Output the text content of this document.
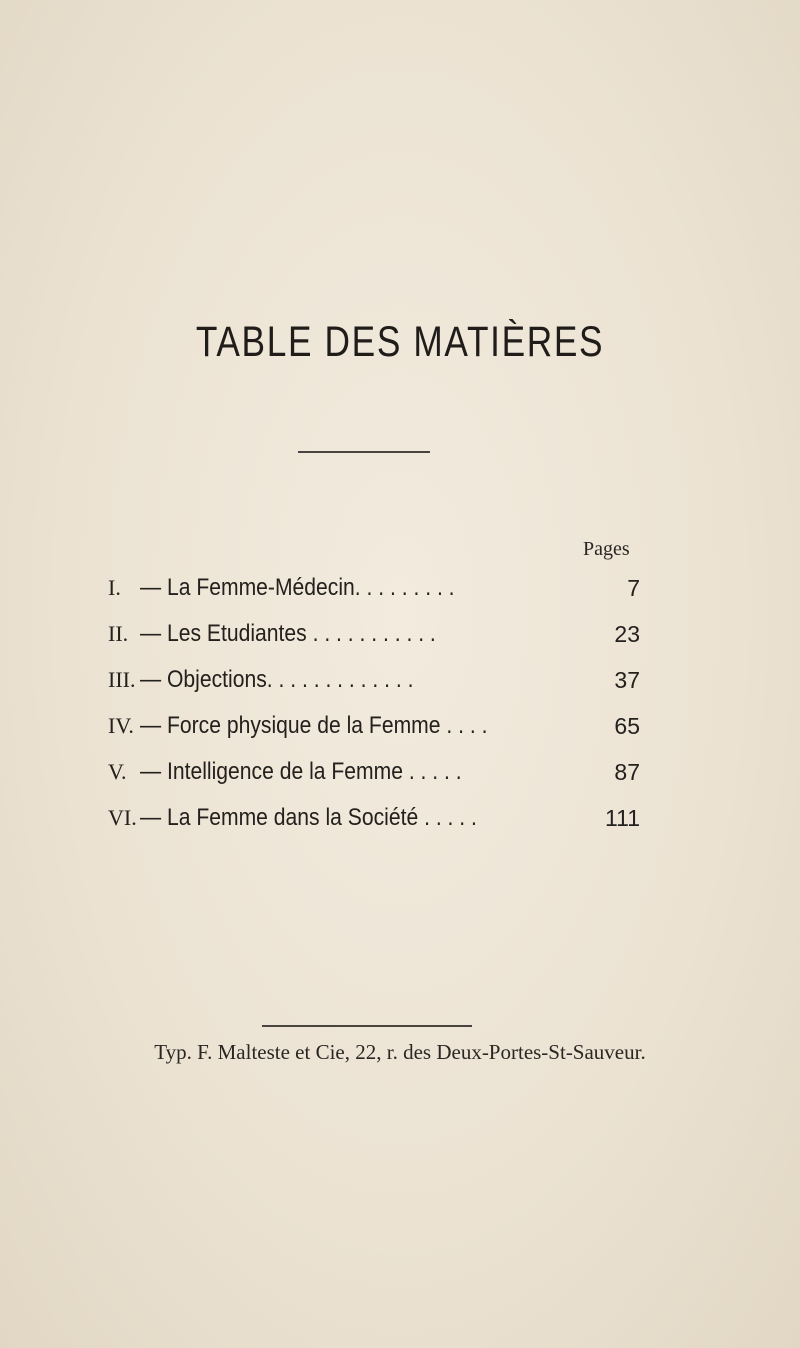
TABLE DES MATIÈRES
Pages
I. — La Femme-Médecin. . . . . . . . .	7
II. — Les Etudiantes . . . . . . . . . . .	23
III. — Objections. . . . . . . . . . . . .	37
IV. — Force physique de la Femme . . . .	65
V. — Intelligence de la Femme . . . . .	87
VI. — La Femme dans la Société . . . . .	111
Typ. F. Malteste et Cie, 22, r. des Deux-Portes-St-Sauveur.
